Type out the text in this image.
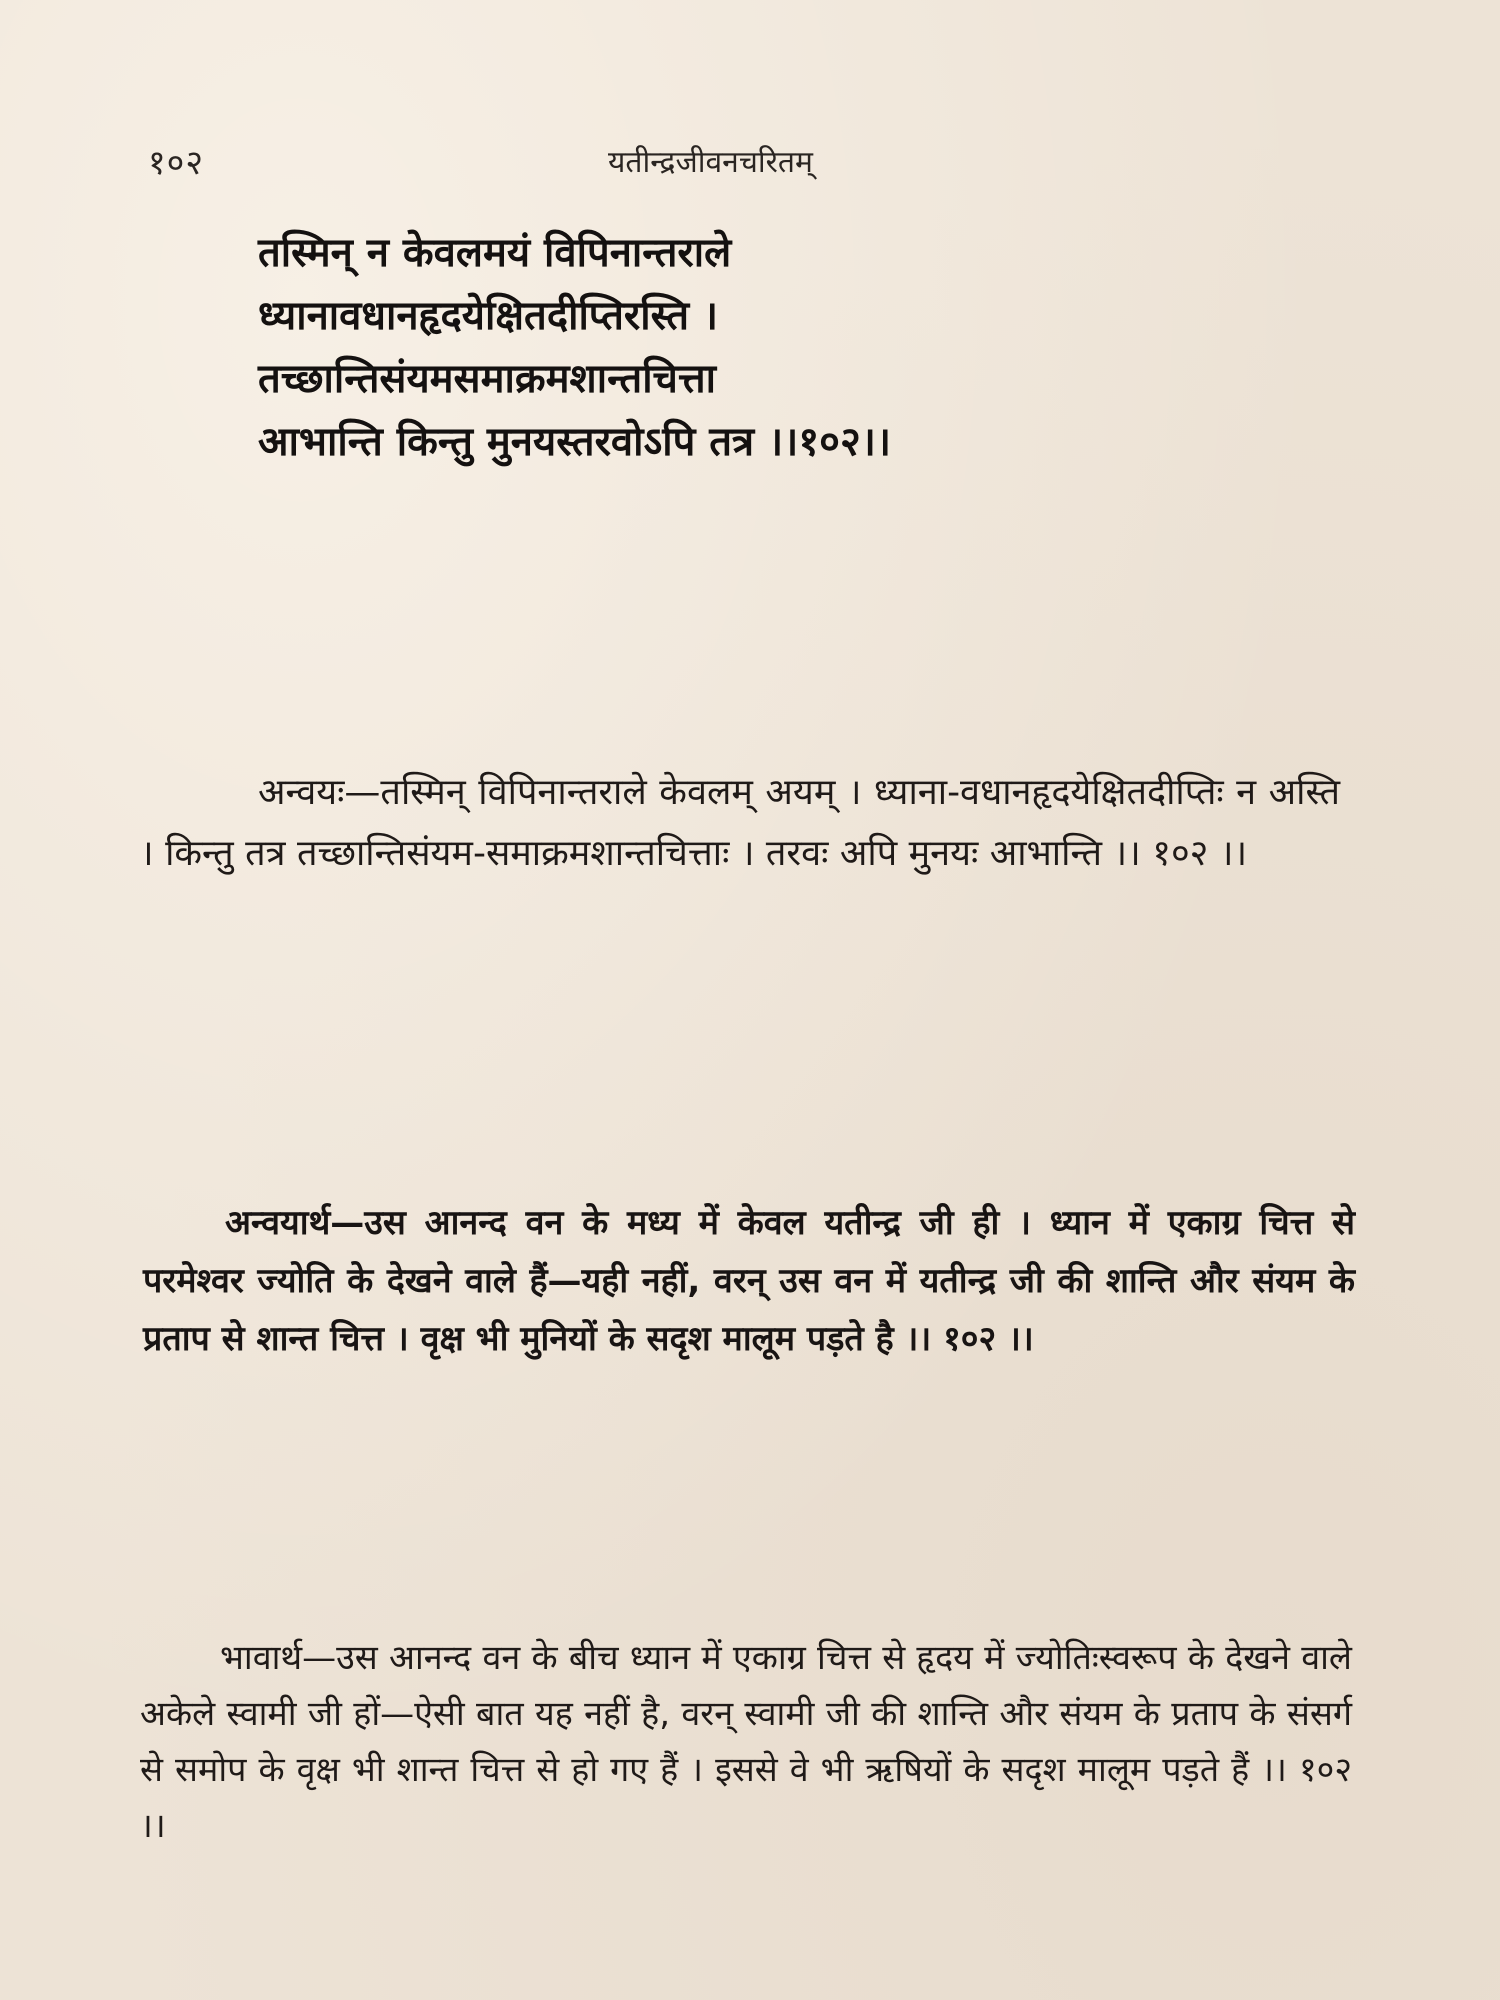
१०२	यतीन्द्रजीवनचरितम्
तस्मिन् न केवलमयं विपिनान्तराले
ध्यानावधानहृदयेक्षितदीप्तिरस्ति ।
तच्छान्तिसंयमसमाक्रमशान्तचित्ता
आभान्ति किन्तु मुनयस्तरवोऽपि तत्र ।।१०२।।

अन्वयः—तस्मिन् विपिनान्तराले केवलम् अयम् । ध्याना-वधानहृदयेक्षितदीप्तिः न अस्ति । किन्तु तत्र तच्छान्तिसंयम-समाक्रमशान्तचित्ताः । तरवः अपि मुनयः आभान्ति ।। १०२ ।।

अन्वयार्थ—उस आनन्द वन के मध्य में केवल यतीन्द्र जी ही । ध्यान में एकाग्र चित्त से परमेश्वर ज्योति के देखने वाले हैं—यही नहीं, वरन् उस वन में यतीन्द्र जी की शान्ति और संयम के प्रताप से शान्त चित्त । वृक्ष भी मुनियों के सदृश मालूम पड़ते है ।। १०२ ।।

भावार्थ—उस आनन्द वन के बीच ध्यान में एकाग्र चित्त से हृदय में ज्योतिःस्वरूप के देखने वाले अकेले स्वामी जी हों—ऐसी बात यह नहीं है, वरन् स्वामी जी की शान्ति और संयम के प्रताप के संसर्ग से समोप के वृक्ष भी शान्त चित्त से हो गए हैं । इससे वे भी ऋषियों के सदृश मालूम पड़ते हैं ।। १०२ ।।
